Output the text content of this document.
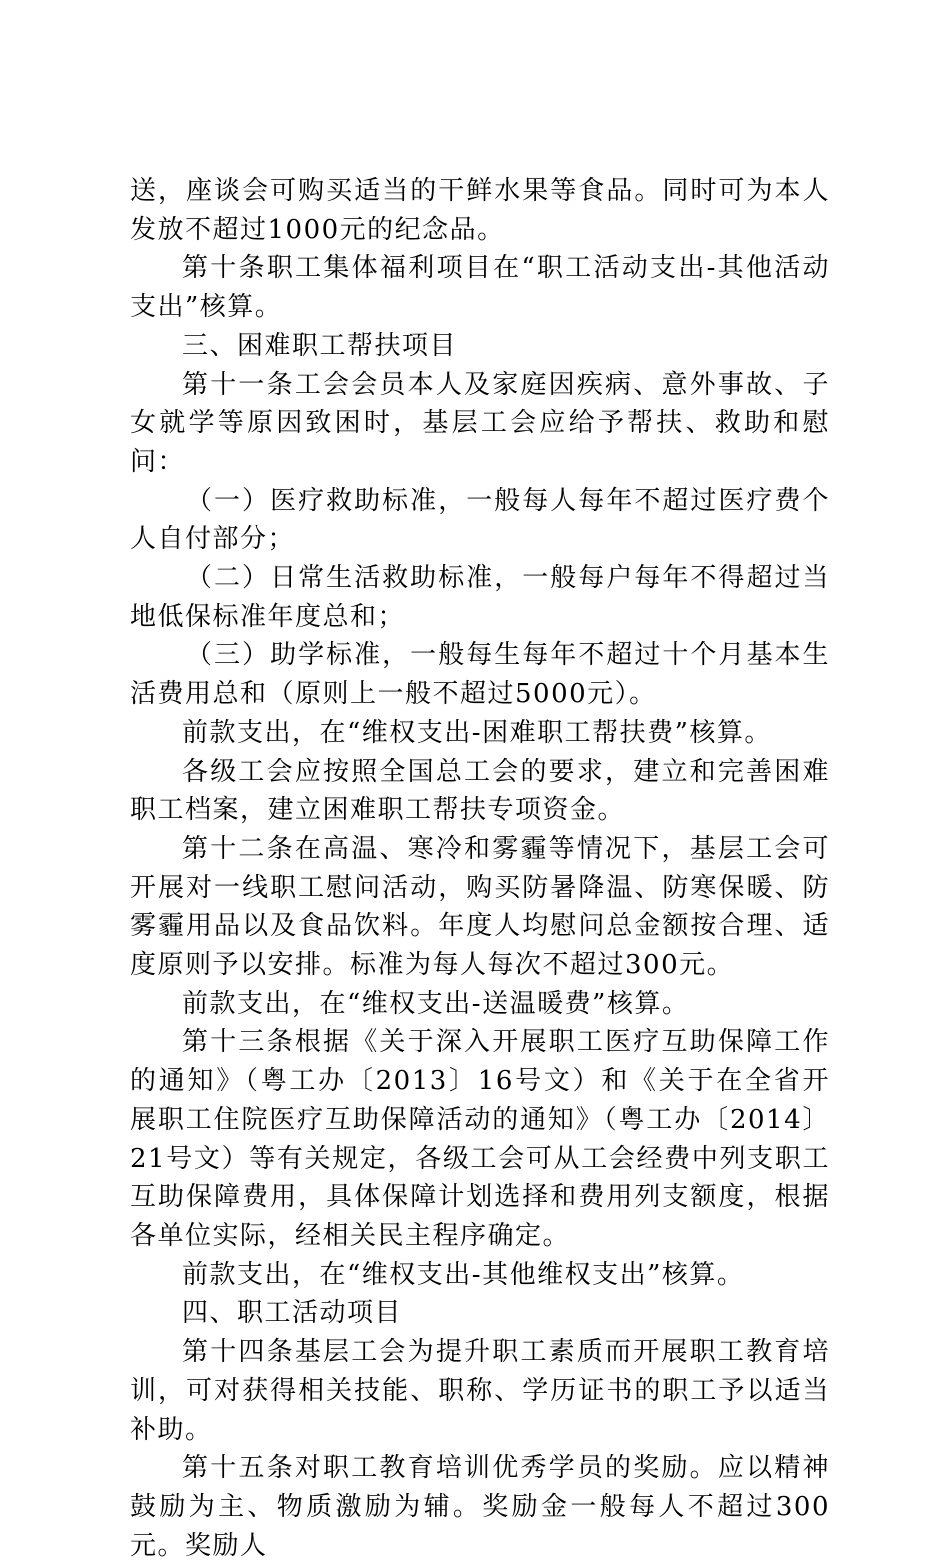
送，座谈会可购买适当的干鲜水果等食品。同时可为本人发放不超过1000元的纪念品。

第十条职工集体福利项目在“职工活动支出-其他活动支出”核算。

三、困难职工帮扶项目

第十一条工会会员本人及家庭因疾病、意外事故、子女就学等原因致困时，基层工会应给予帮扶、救助和慰问：

（一）医疗救助标准，一般每人每年不超过医疗费个人自付部分；

（二）日常生活救助标准，一般每户每年不得超过当地低保标准年度总和；

（三）助学标准，一般每生每年不超过十个月基本生活费用总和（原则上一般不超过5000元）。

前款支出，在“维权支出-困难职工帮扶费”核算。

各级工会应按照全国总工会的要求，建立和完善困难职工档案，建立困难职工帮扶专项资金。

第十二条在高温、寒冷和雾霾等情况下，基层工会可开展对一线职工慰问活动，购买防暑降温、防寒保暖、防雾霾用品以及食品饮料。年度人均慰问总金额按合理、适度原则予以安排。标准为每人每次不超过300元。

前款支出，在“维权支出-送温暖费”核算。

第十三条根据《关于深入开展职工医疗互助保障工作的通知》（粤工办〔2013〕16号文）和《关于在全省开展职工住院医疗互助保障活动的通知》（粤工办〔2014〕21号文）等有关规定，各级工会可从工会经费中列支职工互助保障费用，具体保障计划选择和费用列支额度，根据各单位实际，经相关民主程序确定。

前款支出，在“维权支出-其他维权支出”核算。

四、职工活动项目

第十四条基层工会为提升职工素质而开展职工教育培训，可对获得相关技能、职称、学历证书的职工予以适当补助。

第十五条对职工教育培训优秀学员的奖励。应以精神鼓励为主、物质激励为辅。奖励金一般每人不超过300元。奖励人
